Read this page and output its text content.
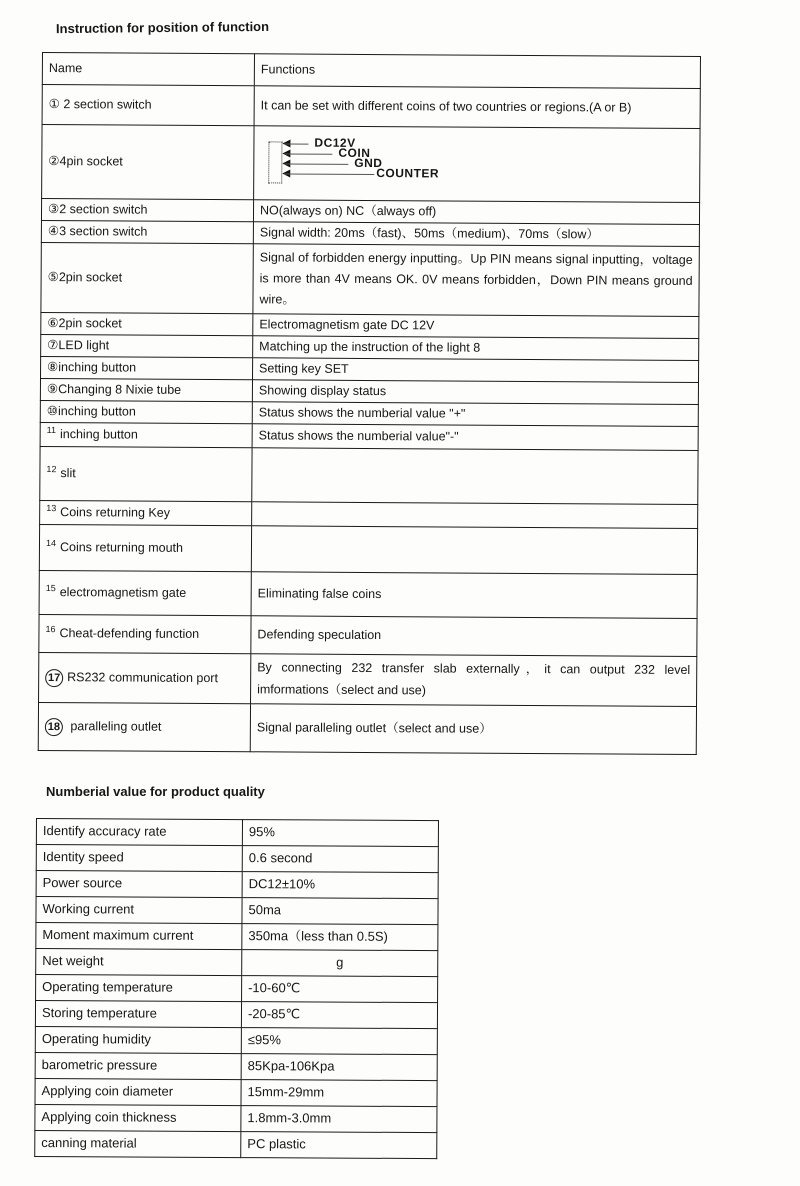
Instruction for position of function
Name	Functions
① 2 section switch	It can be set with different coins of two countries or regions.(A or B)
②4pin socket	DC12V
COIN
GND
COUNTER

③2 section switch	NO(always on) NC（always off)
④3 section switch	Signal width: 20ms（fast)、50ms（medium)、70ms（slow）
⑤2pin socket	Signal of forbidden energy inputting。Up PIN means signal inputting，voltage is more than 4V means OK. 0V means forbidden，Down PIN means ground wire。
⑥2pin socket	Electromagnetism gate DC 12V
⑦LED light	Matching up the instruction of the light 8
⑧inching button	Setting key SET
⑨Changing 8 Nixie tube	Showing display status
⑩inching button	Status shows the numberial value "+"
$^{11}$ inching button	Status shows the numberial value"-"
$^{12}$ slit	
$^{13}$ Coins returning Key	
$^{14}$ Coins returning mouth	
$^{15}$ electromagnetism gate	Eliminating false coins
$^{16}$ Cheat-defending function	Defending speculation
17 RS232 communication port	By connecting 232 transfer slab externally，it can output 232 level imformations（select and use)
18 paralleling outlet	Signal paralleling outlet（select and use）
Numberial value for product quality
Identify accuracy rate	95%
Identity speed	0.6 second
Power source	DC12±10%
Working current	50ma
Moment maximum current	350ma（less than 0.5S)
Net weight	g
Operating temperature	-10-60℃
Storing temperature	-20-85℃
Operating humidity	≤95%
barometric pressure	85Kpa-106Kpa
Applying coin diameter	15mm-29mm
Applying coin thickness	1.8mm-3.0mm
canning material	PC plastic
